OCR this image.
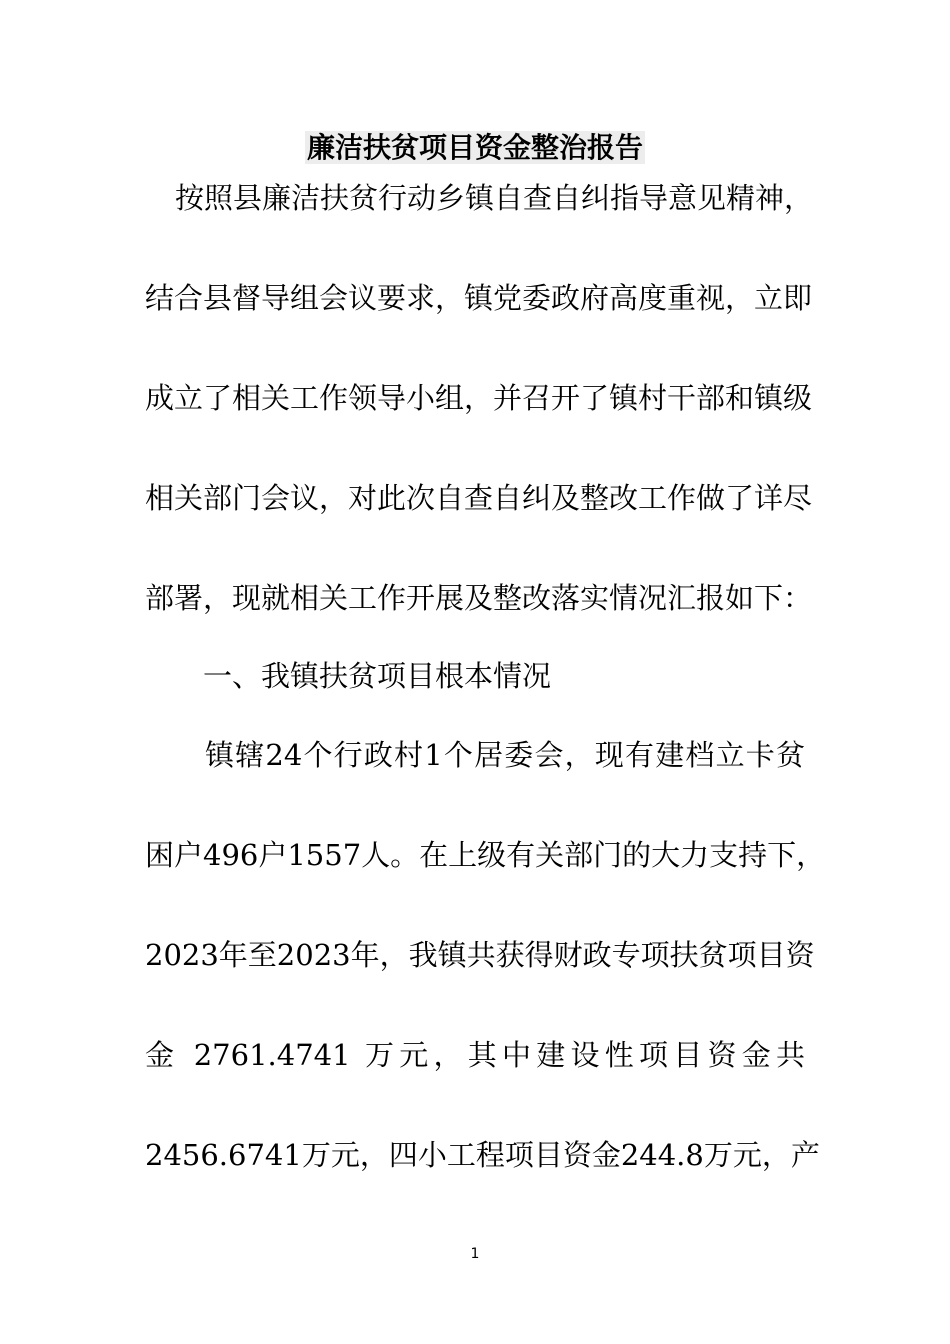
廉洁扶贫项目资金整治报告
按照县廉洁扶贫行动乡镇自查自纠指导意见精神，
结合县督导组会议要求，镇党委政府高度重视，立即
成立了相关工作领导小组，并召开了镇村干部和镇级
相关部门会议，对此次自查自纠及整改工作做了详尽
部署，现就相关工作开展及整改落实情况汇报如下：
一、我镇扶贫项目根本情况
镇辖24个行政村1个居委会，现有建档立卡贫
困户496户1557人。在上级有关部门的大力支持下，
2023年至2023年，我镇共获得财政专项扶贫项目资
金 2761.4741 万元，其中建设性项目资金共
2456.6741万元，四小工程项目资金244.8万元，产
1
